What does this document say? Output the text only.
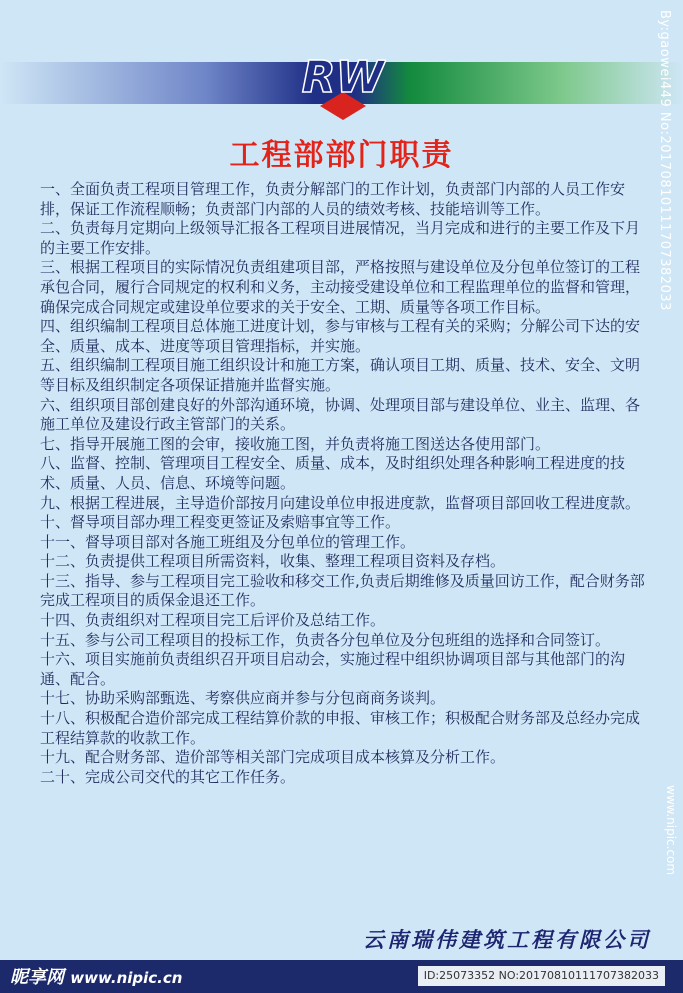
RW
工程部部门职责

一、全面负责工程项目管理工作，负责分解部门的工作计划，负责部门内部的人员工作安排，保证工作流程顺畅；负责部门内部的人员的绩效考核、技能培训等工作。

二、负责每月定期向上级领导汇报各工程项目进展情况，当月完成和进行的主要工作及下月的主要工作安排。

三、根据工程项目的实际情况负责组建项目部，严格按照与建设单位及分包单位签订的工程承包合同，履行合同规定的权利和义务，主动接受建设单位和工程监理单位的监督和管理，确保完成合同规定或建设单位要求的关于安全、工期、质量等各项工作目标。

四、组织编制工程项目总体施工进度计划，参与审核与工程有关的采购；分解公司下达的安全、质量、成本、进度等项目管理指标，并实施。

五、组织编制工程项目施工组织设计和施工方案，确认项目工期、质量、技术、安全、文明等目标及组织制定各项保证措施并监督实施。

六、组织项目部创建良好的外部沟通环境，协调、处理项目部与建设单位、业主、监理、各施工单位及建设行政主管部门的关系。

七、指导开展施工图的会审，接收施工图，并负责将施工图送达各使用部门。

八、监督、控制、管理项目工程安全、质量、成本，及时组织处理各种影响工程进度的技术、质量、人员、信息、环境等问题。

九、根据工程进展，主导造价部按月向建设单位申报进度款，监督项目部回收工程进度款。

十、督导项目部办理工程变更签证及索赔事宜等工作。

十一、督导项目部对各施工班组及分包单位的管理工作。

十二、负责提供工程项目所需资料，收集、整理工程项目资料及存档。

十三、指导、参与工程项目完工验收和移交工作,负责后期维修及质量回访工作，配合财务部完成工程项目的质保金退还工作。

十四、负责组织对工程项目完工后评价及总结工作。

十五、参与公司工程项目的投标工作，负责各分包单位及分包班组的选择和合同签订。

十六、项目实施前负责组织召开项目启动会，实施过程中组织协调项目部与其他部门的沟通、配合。

十七、协助采购部甄选、考察供应商并参与分包商商务谈判。

十八、积极配合造价部完成工程结算价款的申报、审核工作；积极配合财务部及总经办完成工程结算款的收款工作。

十九、配合财务部、造价部等相关部门完成项目成本核算及分析工作。

二十、完成公司交代的其它工作任务。

云南瑞伟建筑工程有限公司
By:gaowei449 No:20170810111707382033
www.nipic.com
昵享网 www.nipic.cn	ID:25073352 NO:20170810111707382033
